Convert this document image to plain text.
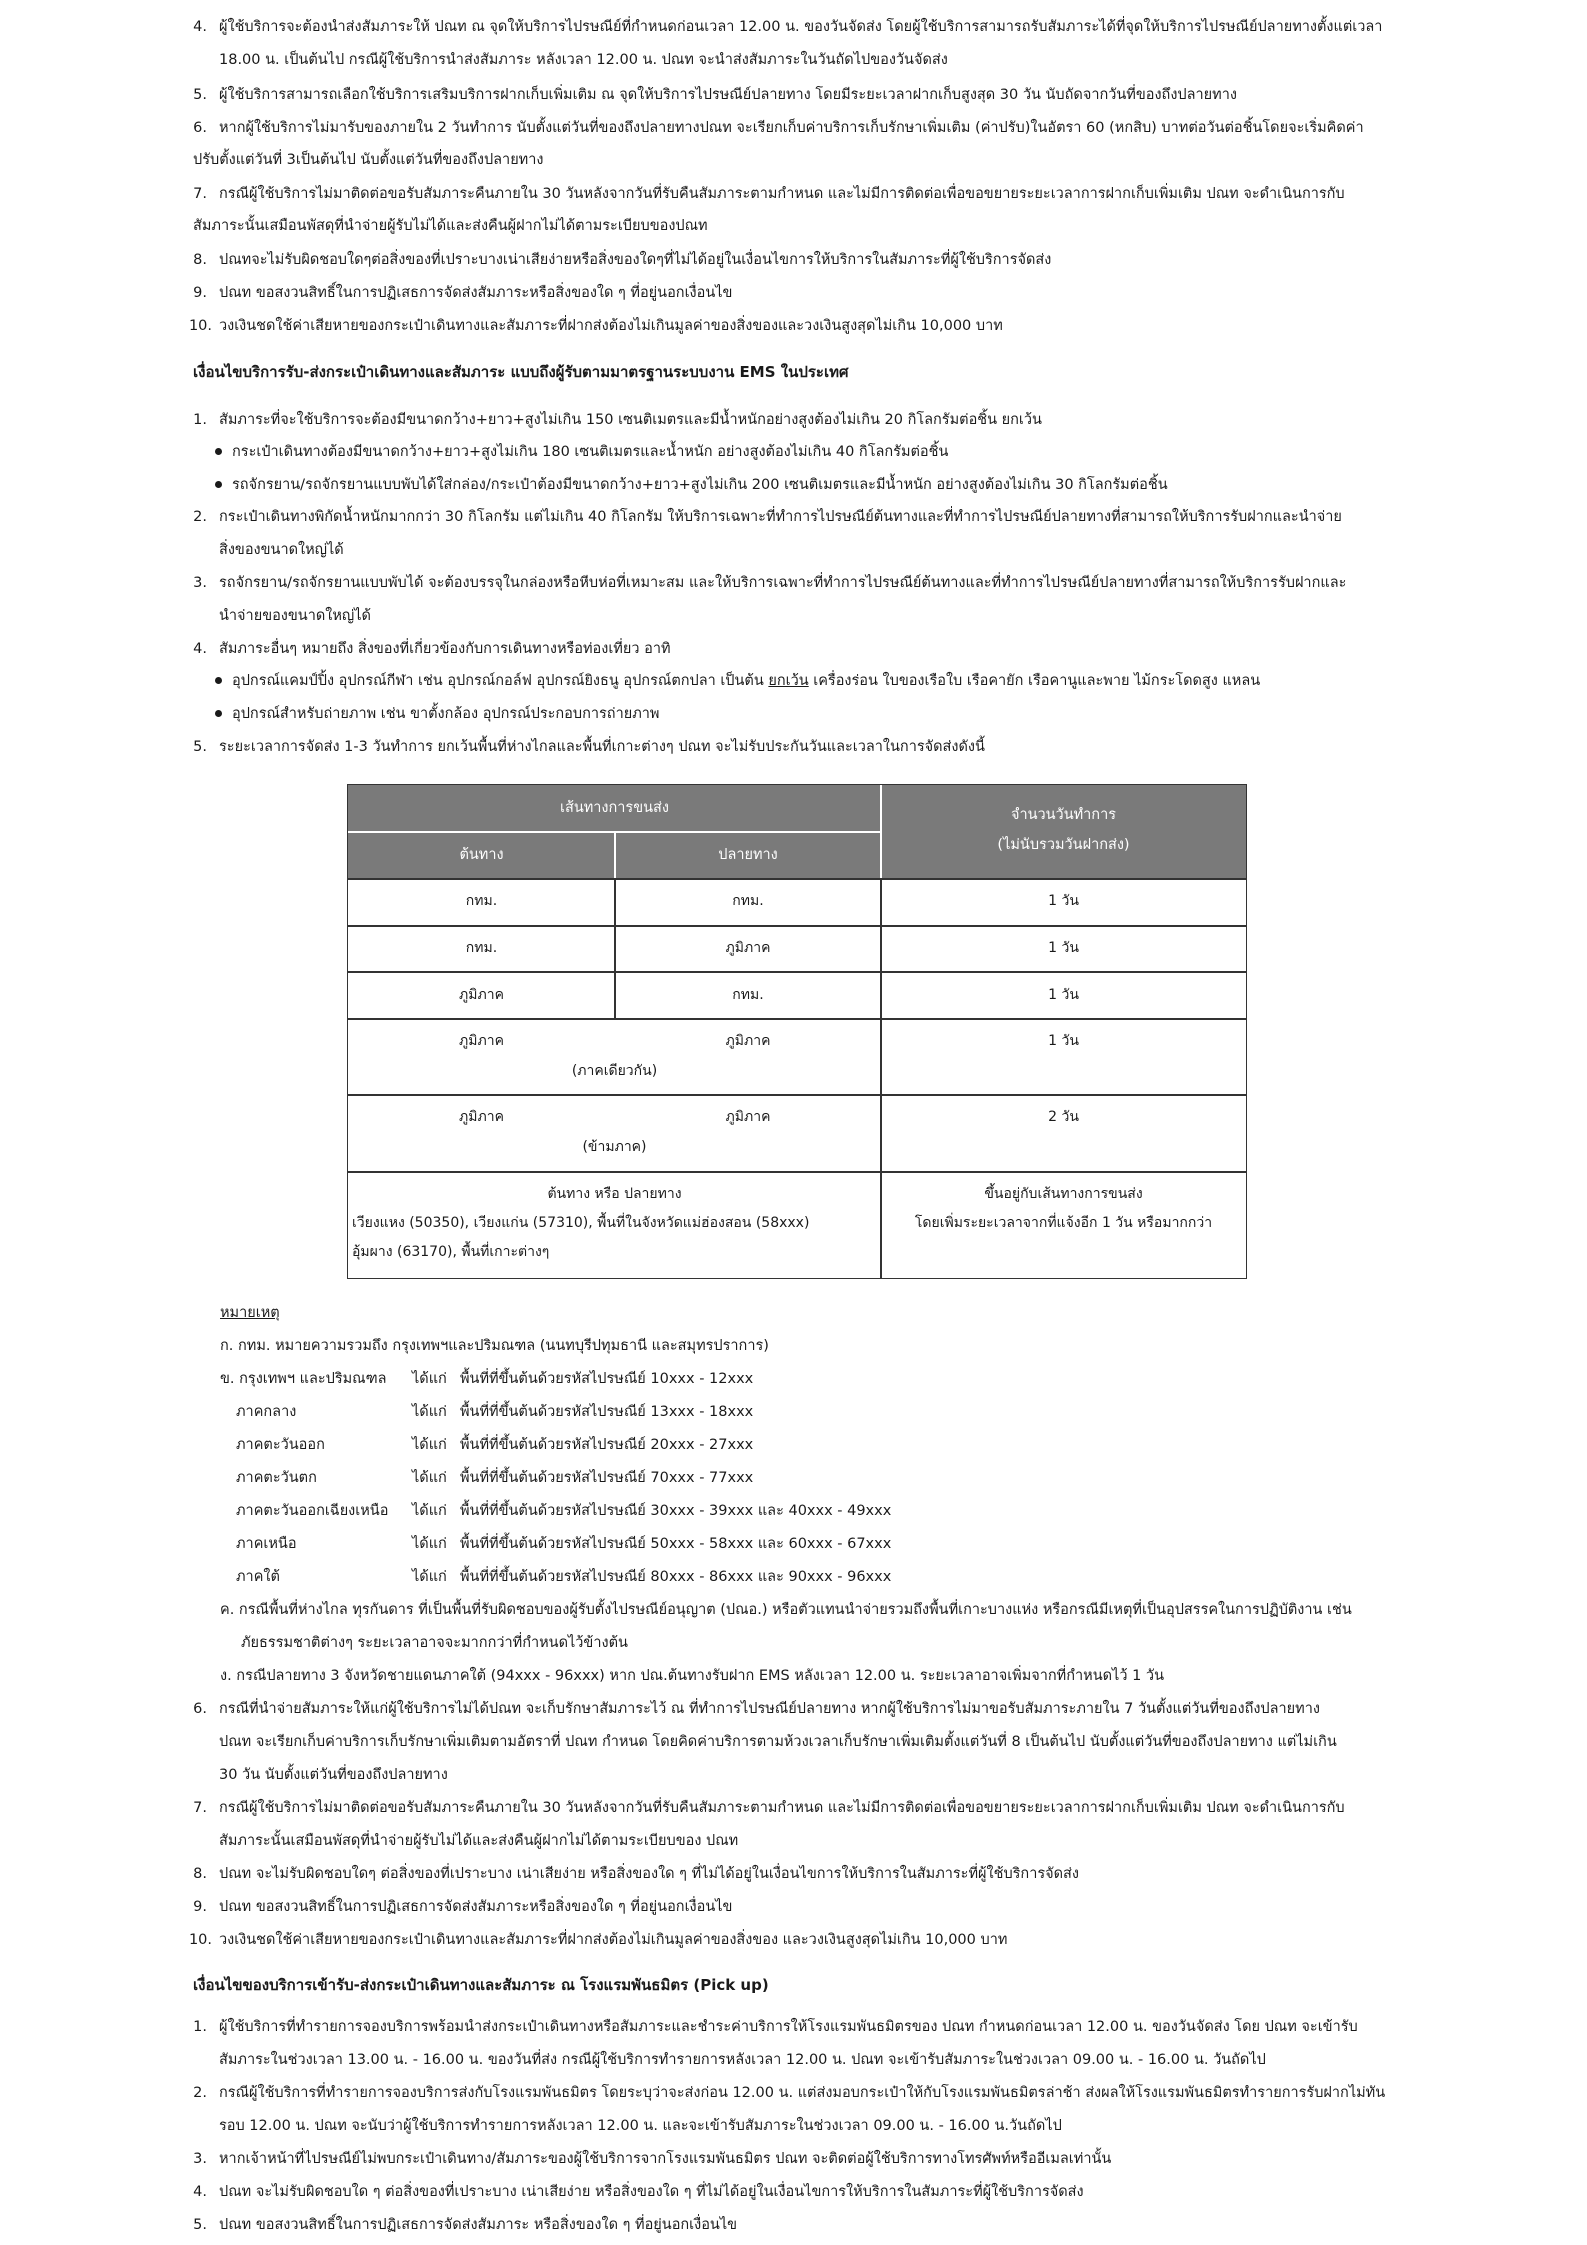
4. ผู้ใช้บริการจะต้องนำส่งสัมภาระให้ ปณท ณ จุดให้บริการไปรษณีย์ที่กำหนดก่อนเวลา 12.00 น. ของวันจัดส่ง โดยผู้ใช้บริการสามารถรับสัมภาระได้ที่จุดให้บริการไปรษณีย์ปลายทางตั้งแต่เวลา
18.00 น. เป็นต้นไป กรณีผู้ใช้บริการนำส่งสัมภาระ หลังเวลา 12.00 น. ปณท จะนำส่งสัมภาระในวันถัดไปของวันจัดส่ง
5. ผู้ใช้บริการสามารถเลือกใช้บริการเสริมบริการฝากเก็บเพิ่มเติม ณ จุดให้บริการไปรษณีย์ปลายทาง โดยมีระยะเวลาฝากเก็บสูงสุด 30 วัน นับถัดจากวันที่ของถึงปลายทาง
6. หากผู้ใช้บริการไม่มารับของภายใน 2 วันทำการ นับตั้งแต่วันที่ของถึงปลายทางปณท จะเรียกเก็บค่าบริการเก็บรักษาเพิ่มเติม (ค่าปรับ)ในอัตรา 60 (หกสิบ) บาทต่อวันต่อชิ้นโดยจะเริ่มคิดค่า
ปรับตั้งแต่วันที่ 3เป็นต้นไป นับตั้งแต่วันที่ของถึงปลายทาง
7. กรณีผู้ใช้บริการไม่มาติดต่อขอรับสัมภาระคืนภายใน 30 วันหลังจากวันที่รับคืนสัมภาระตามกำหนด และไม่มีการติดต่อเพื่อขอขยายระยะเวลาการฝากเก็บเพิ่มเติม ปณท จะดำเนินการกับ
สัมภาระนั้นเสมือนพัสดุที่นำจ่ายผู้รับไม่ได้และส่งคืนผู้ฝากไม่ได้ตามระเบียบของปณท
8. ปณทจะไม่รับผิดชอบใดๆต่อสิ่งของที่เปราะบางเน่าเสียง่ายหรือสิ่งของใดๆที่ไม่ได้อยู่ในเงื่อนไขการให้บริการในสัมภาระที่ผู้ใช้บริการจัดส่ง
9. ปณท ขอสงวนสิทธิ์ในการปฏิเสธการจัดส่งสัมภาระหรือสิ่งของใด ๆ ที่อยู่นอกเงื่อนไข
10. วงเงินชดใช้ค่าเสียหายของกระเป๋าเดินทางและสัมภาระที่ฝากส่งต้องไม่เกินมูลค่าของสิ่งของและวงเงินสูงสุดไม่เกิน 10,000 บาท
เงื่อนไขบริการรับ-ส่งกระเป๋าเดินทางและสัมภาระ แบบถึงผู้รับตามมาตรฐานระบบงาน EMS ในประเทศ
1. สัมภาระที่จะใช้บริการจะต้องมีขนาดกว้าง+ยาว+สูงไม่เกิน 150 เซนติเมตรและมีน้ำหนักอย่างสูงต้องไม่เกิน 20 กิโลกรัมต่อชิ้น ยกเว้น
กระเป๋าเดินทางต้องมีขนาดกว้าง+ยาว+สูงไม่เกิน 180 เซนติเมตรและน้ำหนัก อย่างสูงต้องไม่เกิน 40 กิโลกรัมต่อชิ้น
รถจักรยาน/รถจักรยานแบบพับได้ใส่กล่อง/กระเป๋าต้องมีขนาดกว้าง+ยาว+สูงไม่เกิน 200 เซนติเมตรและมีน้ำหนัก อย่างสูงต้องไม่เกิน 30 กิโลกรัมต่อชิ้น
2. กระเป๋าเดินทางพิกัดน้ำหนักมากกว่า 30 กิโลกรัม แต่ไม่เกิน 40 กิโลกรัม ให้บริการเฉพาะที่ทำการไปรษณีย์ต้นทางและที่ทำการไปรษณีย์ปลายทางที่สามารถให้บริการรับฝากและนำจ่าย
สิ่งของขนาดใหญ่ได้
3. รถจักรยาน/รถจักรยานแบบพับได้ จะต้องบรรจุในกล่องหรือหีบห่อที่เหมาะสม และให้บริการเฉพาะที่ทำการไปรษณีย์ต้นทางและที่ทำการไปรษณีย์ปลายทางที่สามารถให้บริการรับฝากและ
นำจ่ายของขนาดใหญ่ได้
4. สัมภาระอื่นๆ หมายถึง สิ่งของที่เกี่ยวข้องกับการเดินทางหรือท่องเที่ยว อาทิ
อุปกรณ์แคมป์ปิ้ง อุปกรณ์กีฬา เช่น อุปกรณ์กอล์ฟ อุปกรณ์ยิงธนู อุปกรณ์ตกปลา เป็นต้น ยกเว้น เครื่องร่อน ใบของเรือใบ เรือคายัก เรือคานูและพาย ไม้กระโดดสูง แหลน
อุปกรณ์สำหรับถ่ายภาพ เช่น ขาตั้งกล้อง อุปกรณ์ประกอบการถ่ายภาพ
5. ระยะเวลาการจัดส่ง 1-3 วันทำการ ยกเว้นพื้นที่ห่างไกลและพื้นที่เกาะต่างๆ ปณท จะไม่รับประกันวันและเวลาในการจัดส่งดังนี้
เส้นทางการขนส่ง
ต้นทาง	ปลายทาง
จำนวนวันทำการ
(ไม่นับรวมวันฝากส่ง)
กทม.	กทม.	1 วัน
กทม.	ภูมิภาค	1 วัน
ภูมิภาค	กทม.	1 วัน
ภูมิภาค	ภูมิภาค
(ภาคเดียวกัน)
1 วัน
ภูมิภาค	ภูมิภาค
(ข้ามภาค)
2 วัน
ต้นทาง หรือ ปลายทาง
เวียงแหง (50350), เวียงแก่น (57310), พื้นที่ในจังหวัดแม่ฮ่องสอน (58xxx)
อุ้มผาง (63170), พื้นที่เกาะต่างๆ
ขึ้นอยู่กับเส้นทางการขนส่ง
โดยเพิ่มระยะเวลาจากที่แจ้งอีก 1 วัน หรือมากกว่า
หมายเหตุ
ก. กทม. หมายความรวมถึง กรุงเทพฯและปริมณฑล (นนทบุรีปทุมธานี และสมุทรปราการ)
ข. กรุงเทพฯ และปริมณฑล ได้แก่ พื้นที่ที่ขึ้นต้นด้วยรหัสไปรษณีย์ 10xxx - 12xxx
ภาคกลาง	ได้แก่ พื้นที่ที่ขึ้นต้นด้วยรหัสไปรษณีย์ 13xxx - 18xxx
ภาคตะวันออก	ได้แก่ พื้นที่ที่ขึ้นต้นด้วยรหัสไปรษณีย์ 20xxx - 27xxx
ภาคตะวันตก	ได้แก่ พื้นที่ที่ขึ้นต้นด้วยรหัสไปรษณีย์ 70xxx - 77xxx
ภาคตะวันออกเฉียงเหนือ ได้แก่ พื้นที่ที่ขึ้นต้นด้วยรหัสไปรษณีย์ 30xxx - 39xxx และ 40xxx - 49xxx
ภาคเหนือ	ได้แก่ พื้นที่ที่ขึ้นต้นด้วยรหัสไปรษณีย์ 50xxx - 58xxx และ 60xxx - 67xxx
ภาคใต้	ได้แก่ พื้นที่ที่ขึ้นต้นด้วยรหัสไปรษณีย์ 80xxx - 86xxx และ 90xxx - 96xxx
ค. กรณีพื้นที่ห่างไกล ทุรกันดาร ที่เป็นพื้นที่รับผิดชอบของผู้รับตั้งไปรษณีย์อนุญาต (ปณอ.) หรือตัวแทนนำจ่ายรวมถึงพื้นที่เกาะบางแห่ง หรือกรณีมีเหตุที่เป็นอุปสรรคในการปฏิบัติงาน เช่น
ภัยธรรมชาติต่างๆ ระยะเวลาอาจจะมากกว่าที่กำหนดไว้ข้างต้น
ง. กรณีปลายทาง 3 จังหวัดชายแดนภาคใต้ (94xxx - 96xxx) หาก ปณ.ต้นทางรับฝาก EMS หลังเวลา 12.00 น. ระยะเวลาอาจเพิ่มจากที่กำหนดไว้ 1 วัน
6. กรณีที่นำจ่ายสัมภาระให้แก่ผู้ใช้บริการไม่ได้ปณท จะเก็บรักษาสัมภาระไว้ ณ ที่ทำการไปรษณีย์ปลายทาง หากผู้ใช้บริการไม่มาขอรับสัมภาระภายใน 7 วันตั้งแต่วันที่ของถึงปลายทาง
ปณท จะเรียกเก็บค่าบริการเก็บรักษาเพิ่มเติมตามอัตราที่ ปณท กำหนด โดยคิดค่าบริการตามห้วงเวลาเก็บรักษาเพิ่มเติมตั้งแต่วันที่ 8 เป็นต้นไป นับตั้งแต่วันที่ของถึงปลายทาง แต่ไม่เกิน
30 วัน นับตั้งแต่วันที่ของถึงปลายทาง
7. กรณีผู้ใช้บริการไม่มาติดต่อขอรับสัมภาระคืนภายใน 30 วันหลังจากวันที่รับคืนสัมภาระตามกำหนด และไม่มีการติดต่อเพื่อขอขยายระยะเวลาการฝากเก็บเพิ่มเติม ปณท จะดำเนินการกับ
สัมภาระนั้นเสมือนพัสดุที่นำจ่ายผู้รับไม่ได้และส่งคืนผู้ฝากไม่ได้ตามระเบียบของ ปณท
8. ปณท จะไม่รับผิดชอบใดๆ ต่อสิ่งของที่เปราะบาง เน่าเสียง่าย หรือสิ่งของใด ๆ ที่ไม่ได้อยู่ในเงื่อนไขการให้บริการในสัมภาระที่ผู้ใช้บริการจัดส่ง
9. ปณท ขอสงวนสิทธิ์ในการปฏิเสธการจัดส่งสัมภาระหรือสิ่งของใด ๆ ที่อยู่นอกเงื่อนไข
10. วงเงินชดใช้ค่าเสียหายของกระเป๋าเดินทางและสัมภาระที่ฝากส่งต้องไม่เกินมูลค่าของสิ่งของ และวงเงินสูงสุดไม่เกิน 10,000 บาท
เงื่อนไขของบริการเข้ารับ-ส่งกระเป๋าเดินทางและสัมภาระ ณ โรงแรมพันธมิตร (Pick up)
1. ผู้ใช้บริการที่ทำรายการจองบริการพร้อมนำส่งกระเป๋าเดินทางหรือสัมภาระและชำระค่าบริการให้โรงแรมพันธมิตรของ ปณท กำหนดก่อนเวลา 12.00 น. ของวันจัดส่ง โดย ปณท จะเข้ารับ
สัมภาระในช่วงเวลา 13.00 น. - 16.00 น. ของวันที่ส่ง กรณีผู้ใช้บริการทำรายการหลังเวลา 12.00 น. ปณท จะเข้ารับสัมภาระในช่วงเวลา 09.00 น. - 16.00 น. วันถัดไป
2. กรณีผู้ใช้บริการที่ทำรายการจองบริการส่งกับโรงแรมพันธมิตร โดยระบุว่าจะส่งก่อน 12.00 น. แต่ส่งมอบกระเป๋าให้กับโรงแรมพันธมิตรล่าช้า ส่งผลให้โรงแรมพันธมิตรทำรายการรับฝากไม่ทัน
รอบ 12.00 น. ปณท จะนับว่าผู้ใช้บริการทำรายการหลังเวลา 12.00 น. และจะเข้ารับสัมภาระในช่วงเวลา 09.00 น. - 16.00 น.วันถัดไป
3. หากเจ้าหน้าที่ไปรษณีย์ไม่พบกระเป๋าเดินทาง/สัมภาระของผู้ใช้บริการจากโรงแรมพันธมิตร ปณท จะติดต่อผู้ใช้บริการทางโทรศัพท์หรืออีเมลเท่านั้น
4. ปณท จะไม่รับผิดชอบใด ๆ ต่อสิ่งของที่เปราะบาง เน่าเสียง่าย หรือสิ่งของใด ๆ ที่ไม่ได้อยู่ในเงื่อนไขการให้บริการในสัมภาระที่ผู้ใช้บริการจัดส่ง
5. ปณท ขอสงวนสิทธิ์ในการปฏิเสธการจัดส่งสัมภาระ หรือสิ่งของใด ๆ ที่อยู่นอกเงื่อนไข
